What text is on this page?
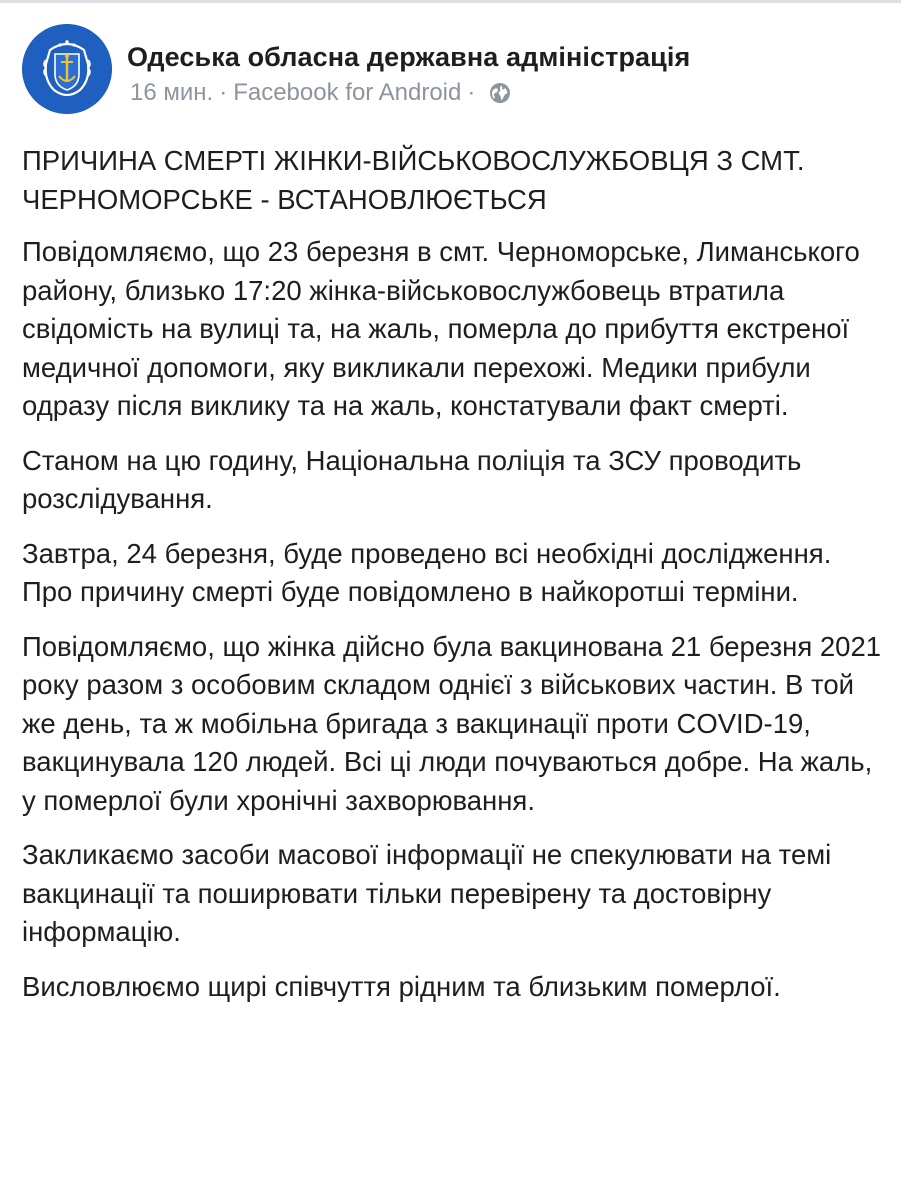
Одеська обласна державна адміністрація
16 мин. · Facebook for Android ·

ПРИЧИНА СМЕРТІ ЖІНКИ-ВІЙСЬКОВОСЛУЖБОВЦЯ З СМТ. ЧЕРНОМОРСЬКЕ - ВСТАНОВЛЮЄТЬСЯ

Повідомляємо, що 23 березня в смт. Черноморське, Лиманського району, близько 17:20 жінка-військовослужбовець втратила свідомість на вулиці та, на жаль, померла до прибуття екстреної медичної допомоги, яку викликали перехожі. Медики прибули одразу після виклику та на жаль, констатували факт смерті.

Станом на цю годину, Національна поліція та ЗСУ проводить розслідування.

Завтра, 24 березня, буде проведено всі необхідні дослідження. Про причину смерті буде повідомлено в найкоротші терміни.

Повідомляємо, що жінка дійсно була вакцинована 21 березня 2021 року разом з особовим складом однієї з військових частин. В той же день, та ж мобільна бригада з вакцинації проти COVID-19, вакцинувала 120 людей. Всі ці люди почуваються добре. На жаль, у померлої були хронічні захворювання.

Закликаємо засоби масової інформації не спекулювати на темі вакцинації та поширювати тільки перевірену та достовірну інформацію.

Висловлюємо щирі співчуття рідним та близьким померлої.
